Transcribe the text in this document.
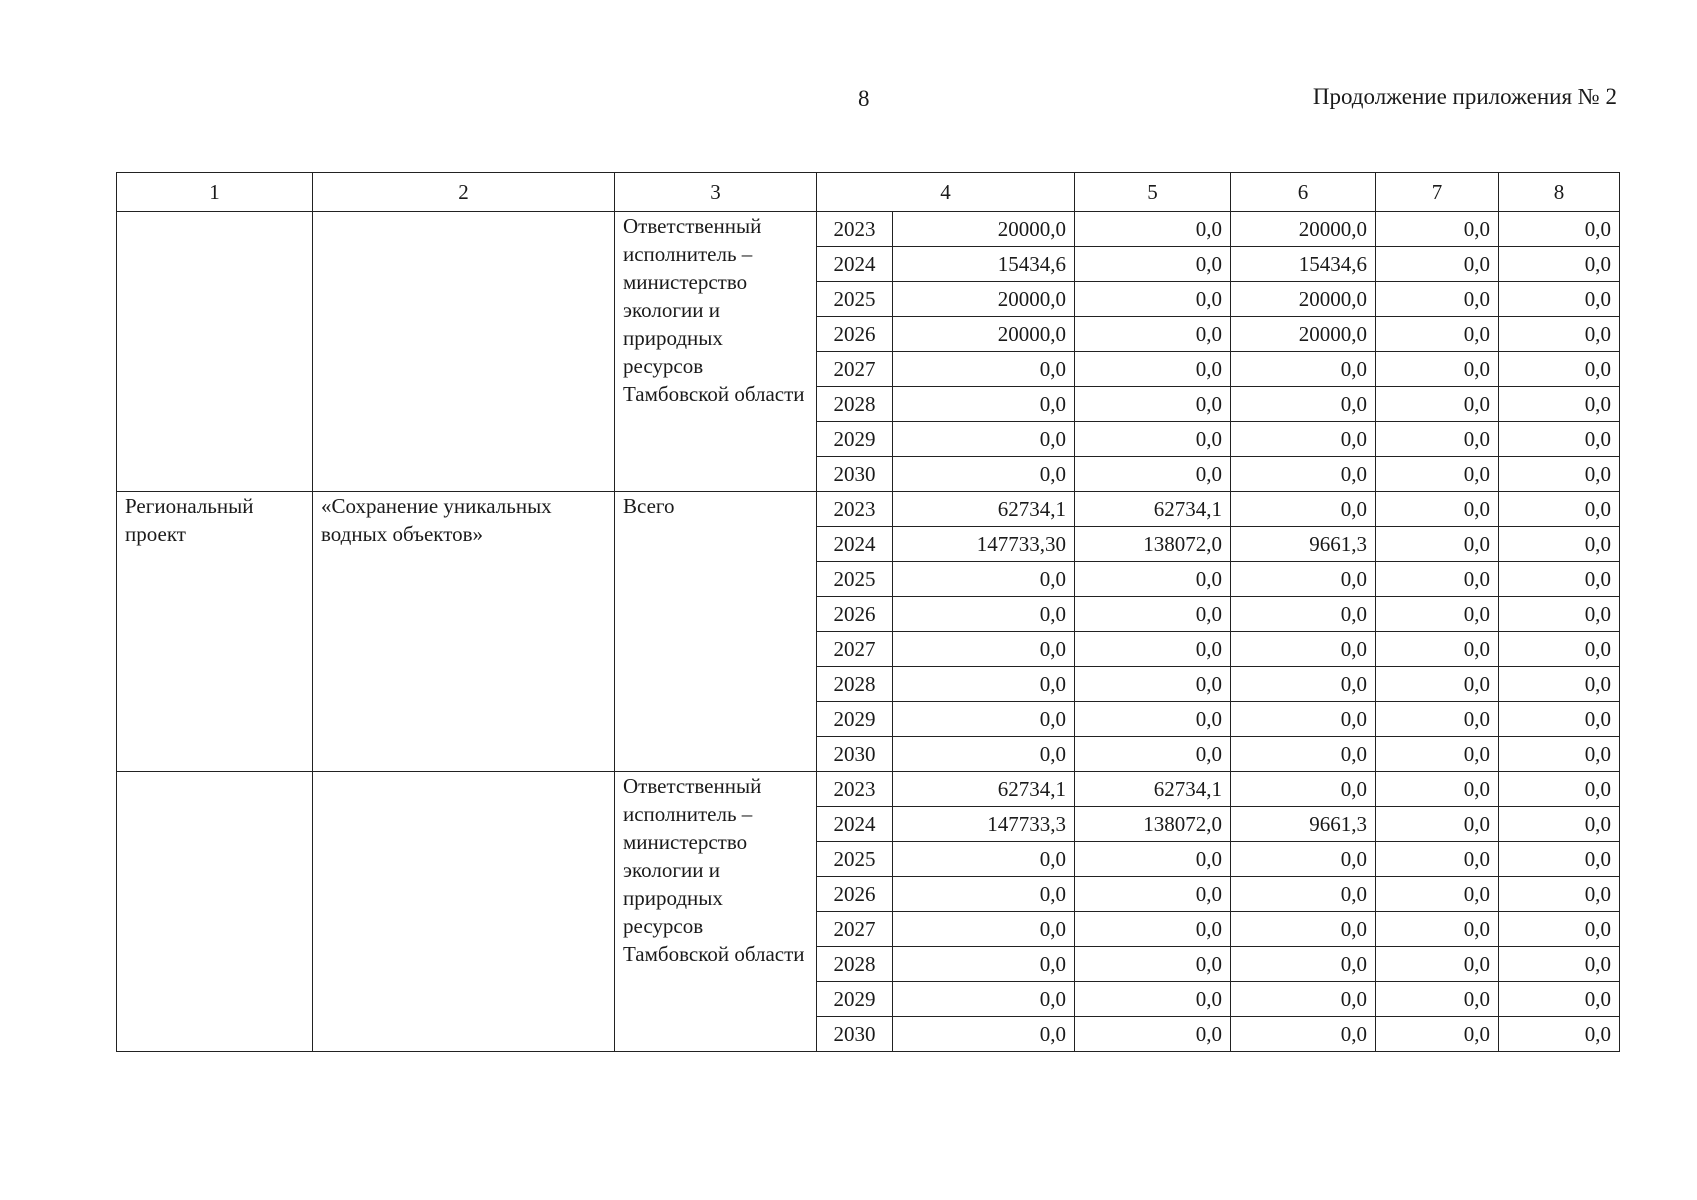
8	Продолжение приложения № 2
1	2	3	4		5	6	7	8
		Ответственный исполнитель – министерство экологии и природных ресурсов Тамбовской области	2023	20000,0	0,0	20000,0	0,0	0,0
			2024	15434,6	0,0	15434,6	0,0	0,0
			2025	20000,0	0,0	20000,0	0,0	0,0
			2026	20000,0	0,0	20000,0	0,0	0,0
			2027	0,0	0,0	0,0	0,0	0,0
			2028	0,0	0,0	0,0	0,0	0,0
			2029	0,0	0,0	0,0	0,0	0,0
			2030	0,0	0,0	0,0	0,0	0,0
Региональный проект	«Сохранение уникальных водных объектов»	Всего	2023	62734,1	62734,1	0,0	0,0	0,0
			2024	147733,30	138072,0	9661,3	0,0	0,0
			2025	0,0	0,0	0,0	0,0	0,0
			2026	0,0	0,0	0,0	0,0	0,0
			2027	0,0	0,0	0,0	0,0	0,0
			2028	0,0	0,0	0,0	0,0	0,0
			2029	0,0	0,0	0,0	0,0	0,0
			2030	0,0	0,0	0,0	0,0	0,0
		Ответственный исполнитель – министерство экологии и природных ресурсов Тамбовской области	2023	62734,1	62734,1	0,0	0,0	0,0
			2024	147733,3	138072,0	9661,3	0,0	0,0
			2025	0,0	0,0	0,0	0,0	0,0
			2026	0,0	0,0	0,0	0,0	0,0
			2027	0,0	0,0	0,0	0,0	0,0
			2028	0,0	0,0	0,0	0,0	0,0
			2029	0,0	0,0	0,0	0,0	0,0
			2030	0,0	0,0	0,0	0,0	0,0
